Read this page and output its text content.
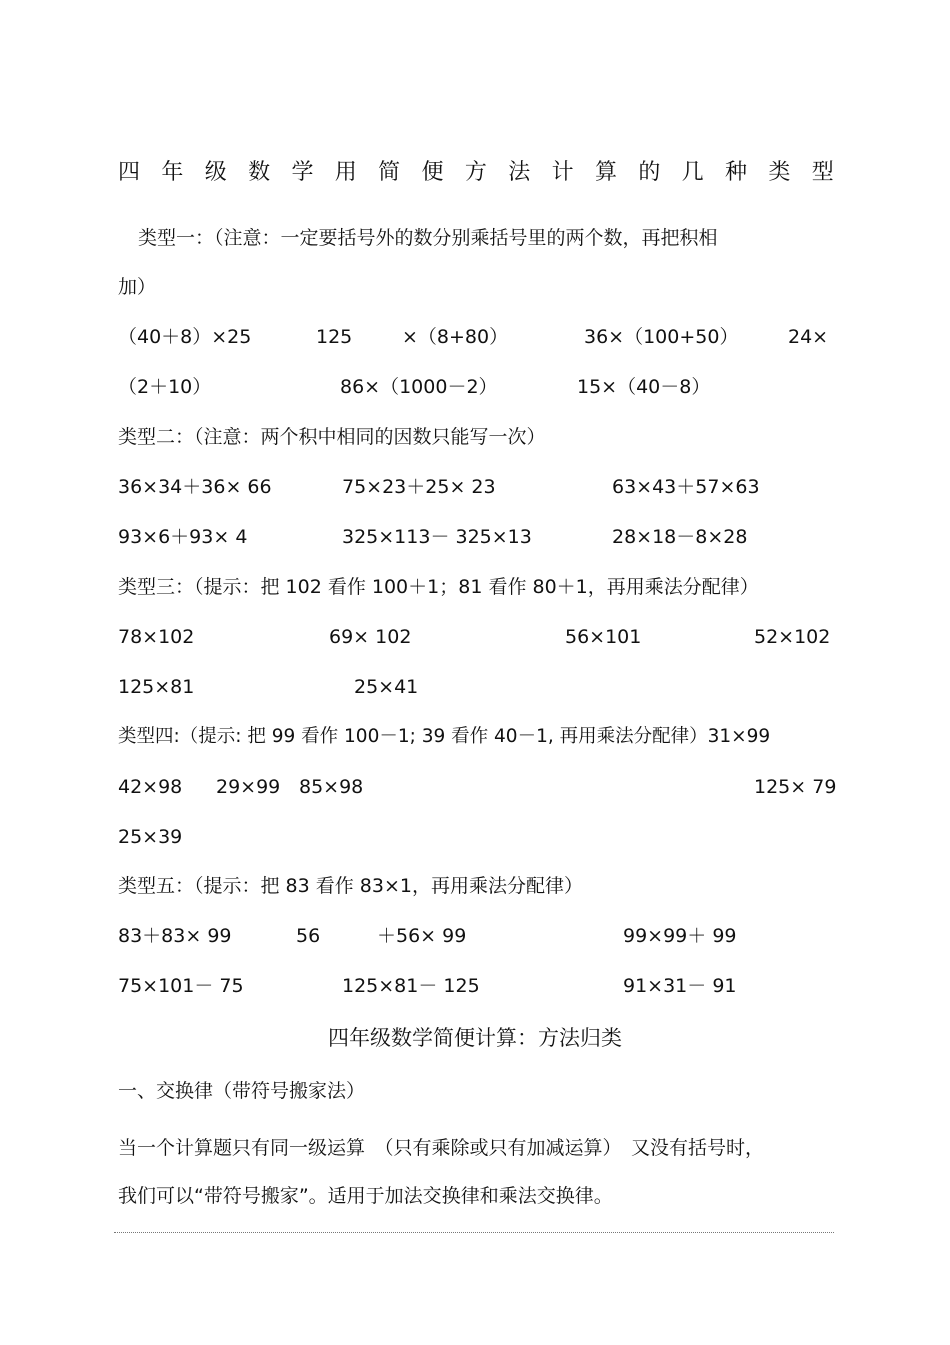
四 年 级 数 学 用 简 便 方 法 计 算 的 几 种 类 型
类型一：（注意：一定要括号外的数分别乘括号里的两个数，再把积相
加）
（40＋8）×25	125	×（8+80）	36×（100+50）	24×
（2＋10）	86×（1000－2）	15×（40－8）
类型二：（注意：两个积中相同的因数只能写一次）
36×34＋36× 66	75×23＋25× 23	63×43＋57×63
93×6＋93× 4	325×113－ 325×13	28×18－8×28
类型三：（提示：把 102 看作 100＋1；81 看作 80＋1，再用乘法分配律）
78×102	69× 102	56×101	52×102
125×81	25×41
类型四:（提示: 把 99 看作 100－1; 39 看作 40－1, 再用乘法分配律）31×99
42×98 29×99 85×98	125× 79
25×39
类型五：（提示：把 83 看作 83×1，再用乘法分配律）
83＋83× 99	56	＋56× 99	99×99＋ 99
75×101－ 75	125×81－ 125	91×31－ 91
四年级数学简便计算：方法归类
一、交换律（带符号搬家法）
当一个计算题只有同一级运算　（只有乘除或只有加减运算）　又没有括号时，
我们可以“带符号搬家”。适用于加法交换律和乘法交换律。
